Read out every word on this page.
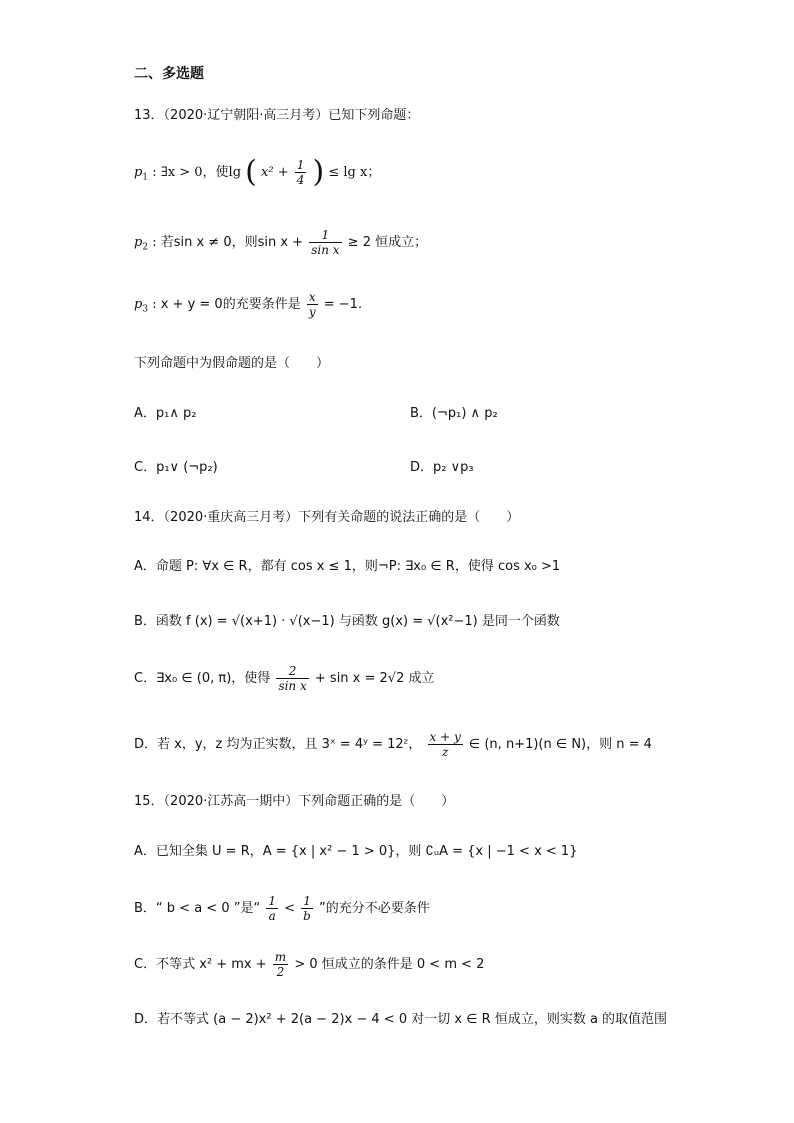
二、多选题
13．（2020·辽宁朝阳·高三月考）已知下列命题：
$p_1$ : ∃x > 0，使lg ( $x^2 + \frac{1}{4}$ ) ≤ lg x；
$p_2$ : 若sin x ≠ 0，则$\sin x + \frac{1}{\text{sin x}} \ge 2$ 恒成立；
$p_3$ : x + y = 0的充要条件是 $\frac{x}{y} = -1$.
下列命题中为假命题的是（　　）
A．p₁∧ p₂	B．(¬p₁) ∧ p₂
C．p₁∨ (¬p₂)	D．p₂ ∨p₃
14．（2020·重庆高三月考）下列有关命题的说法正确的是（　　）
A．命题 P: ∀x ∈ R，都有 cos x ≤ 1，则¬P: ∃x₀ ∈ R，使得 cos x₀ >1
B．函数 f (x) = √(x+1) · √(x−1) 与函数 g(x) = √(x²−1) 是同一个函数
C．∃x₀ ∈ (0, π)，使得 $\frac{2}{\text{sin x}} + \sin x = 2√2$ 成立
D．若 x，y，z 均为正实数，且 3ˣ = 4ʸ = 12ᶻ， $\frac{x + y}{z}$ ∈ (n, n+1)(n ∈ N)，则 n = 4
15．（2020·江苏高一期中）下列命题正确的是（　　）
A．已知全集 U = R，A = {x | x² − 1 > 0}，则 ∁ᵤA = {x | −1 < x < 1}
B．“ b < a < 0 ”是“ $\frac{1}{a} < \frac{1}{b}$ ”的充分不必要条件
C．不等式 x² + mx + $\frac{m}{2} > 0$ 恒成立的条件是 0 < m < 2
D．若不等式 (a − 2)x² + 2(a − 2)x − 4 < 0 对一切 x ∈ R 恒成立，则实数 a 的取值范围
